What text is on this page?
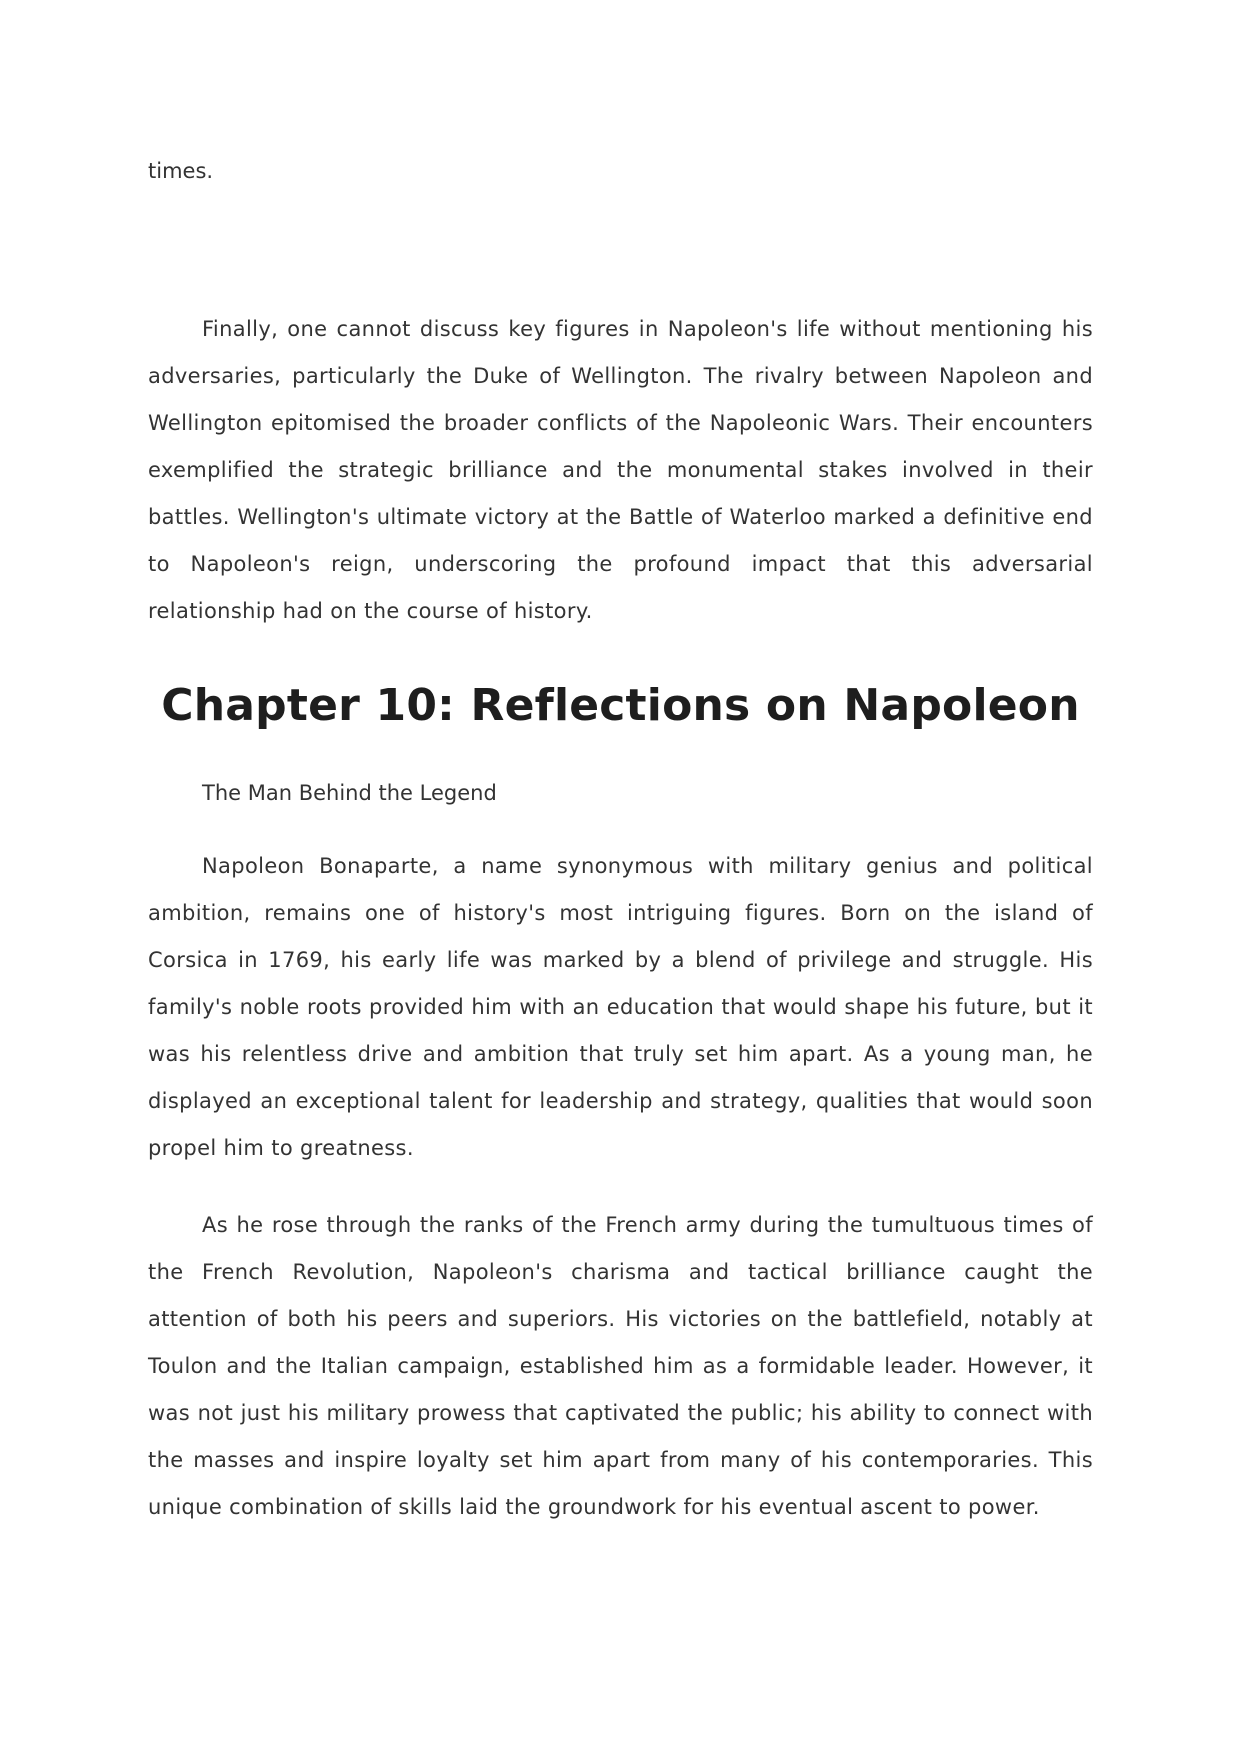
times.

Finally, one cannot discuss key figures in Napoleon's life without mentioning his adversaries, particularly the Duke of Wellington. The rivalry between Napoleon and Wellington epitomised the broader conflicts of the Napoleonic Wars. Their encounters exemplified the strategic brilliance and the monumental stakes involved in their battles. Wellington's ultimate victory at the Battle of Waterloo marked a definitive end to Napoleon's reign, underscoring the profound impact that this adversarial relationship had on the course of history.

Chapter 10: Reflections on Napoleon

The Man Behind the Legend

Napoleon Bonaparte, a name synonymous with military genius and political ambition, remains one of history's most intriguing figures. Born on the island of Corsica in 1769, his early life was marked by a blend of privilege and struggle. His family's noble roots provided him with an education that would shape his future, but it was his relentless drive and ambition that truly set him apart. As a young man, he displayed an exceptional talent for leadership and strategy, qualities that would soon propel him to greatness.

As he rose through the ranks of the French army during the tumultuous times of the French Revolution, Napoleon's charisma and tactical brilliance caught the attention of both his peers and superiors. His victories on the battlefield, notably at Toulon and the Italian campaign, established him as a formidable leader. However, it was not just his military prowess that captivated the public; his ability to connect with the masses and inspire loyalty set him apart from many of his contemporaries. This unique combination of skills laid the groundwork for his eventual ascent to power.
